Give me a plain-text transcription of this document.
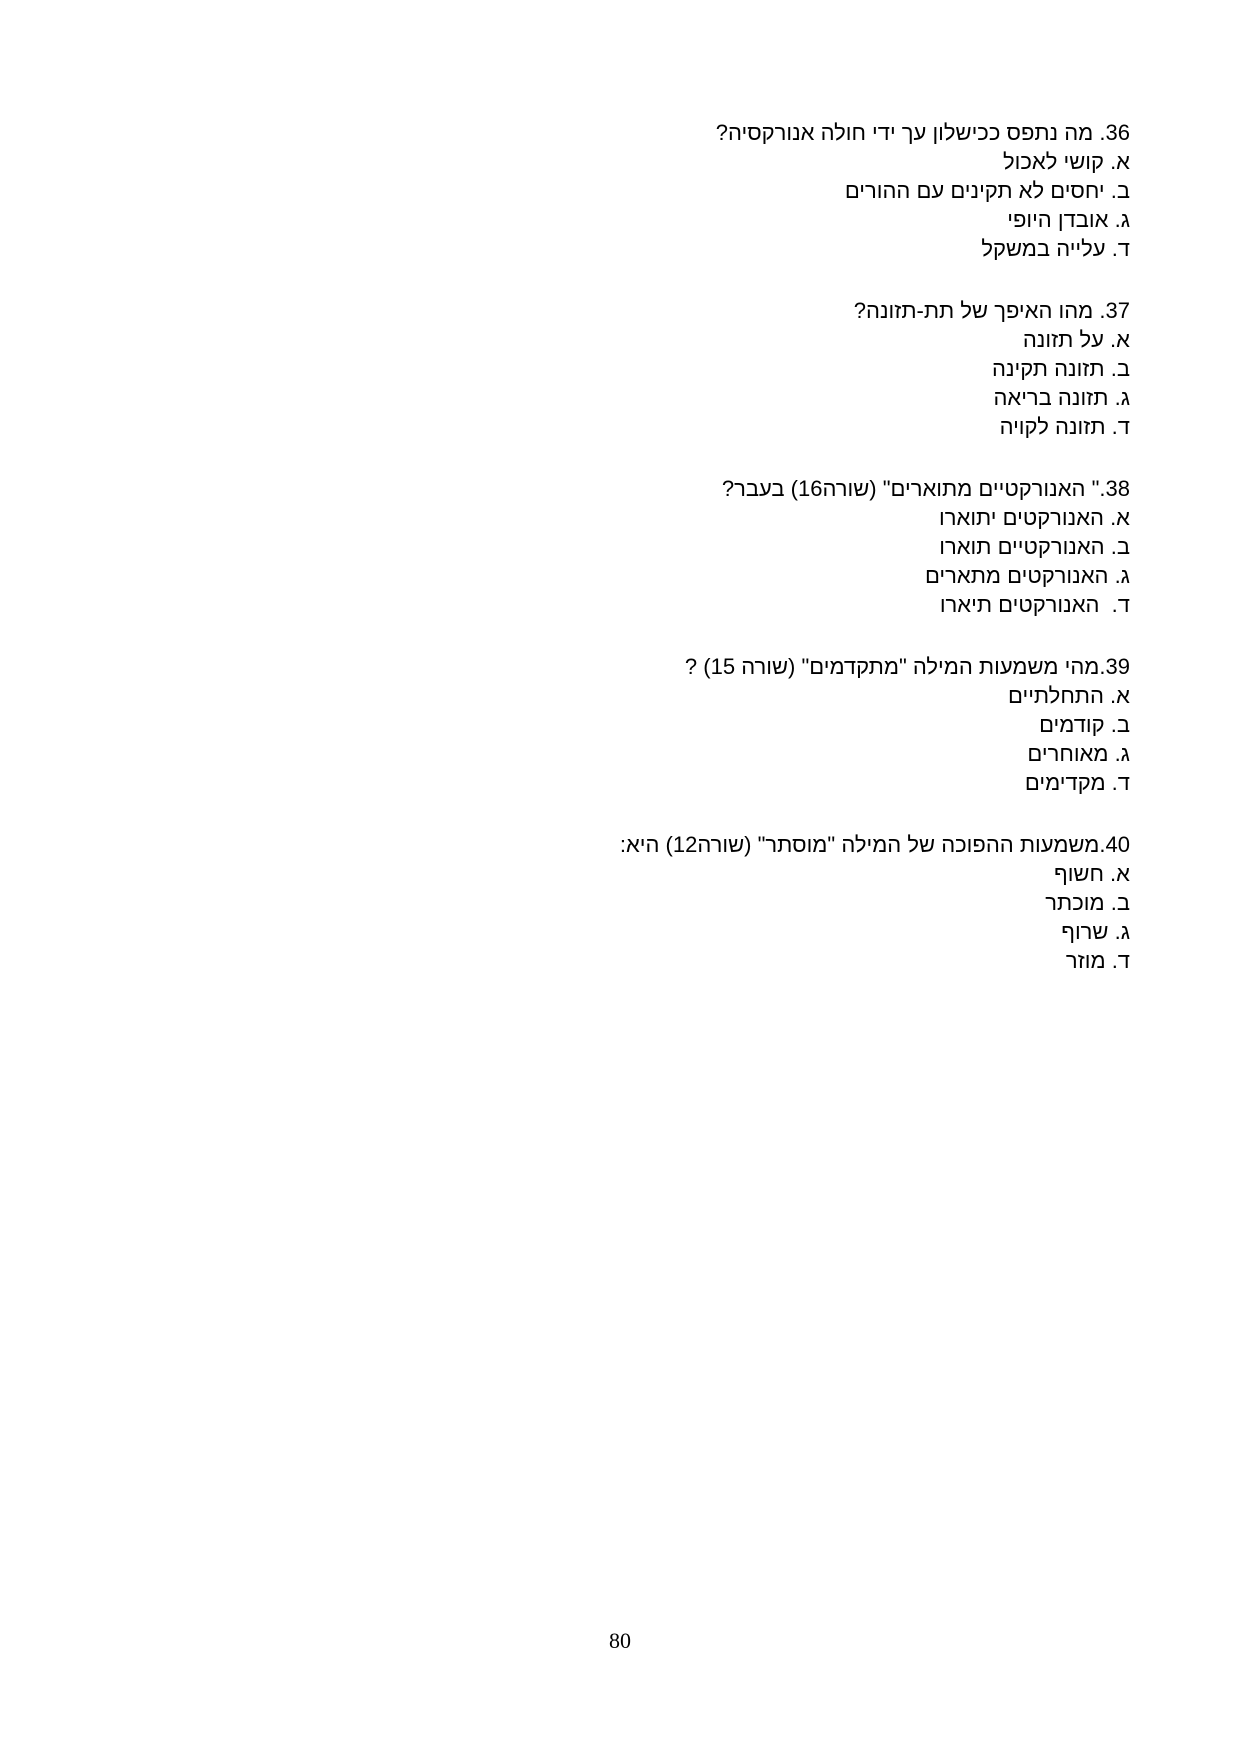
36. מה נתפס ככישלון עך ידי חולה אנורקסיה?
א. קושי לאכול
ב. יחסים לא תקינים עם ההורים
ג. אובדן היופי
ד. עלייה במשקל
37. מהו האיפך של תת-תזונה?
א. על תזונה
ב. תזונה תקינה
ג. תזונה בריאה
ד. תזונה לקויה
38." האנורקטיים מתוארים" (שורה16) בעבר?
א. האנורקטים יתוארו
ב. האנורקטיים תוארו
ג. האנורקטים מתארים
ד.  האנורקטים תיארו
39.מהי משמעות המילה "מתקדמים" (שורה 15) ?
א. התחלתיים
ב. קודמים
ג. מאוחרים
ד. מקדימים
40.משמעות ההפוכה של המילה "מוסתר" (שורה12) היא:
א. חשוף
ב. מוכתר
ג. שרוף
ד. מוזר
80
